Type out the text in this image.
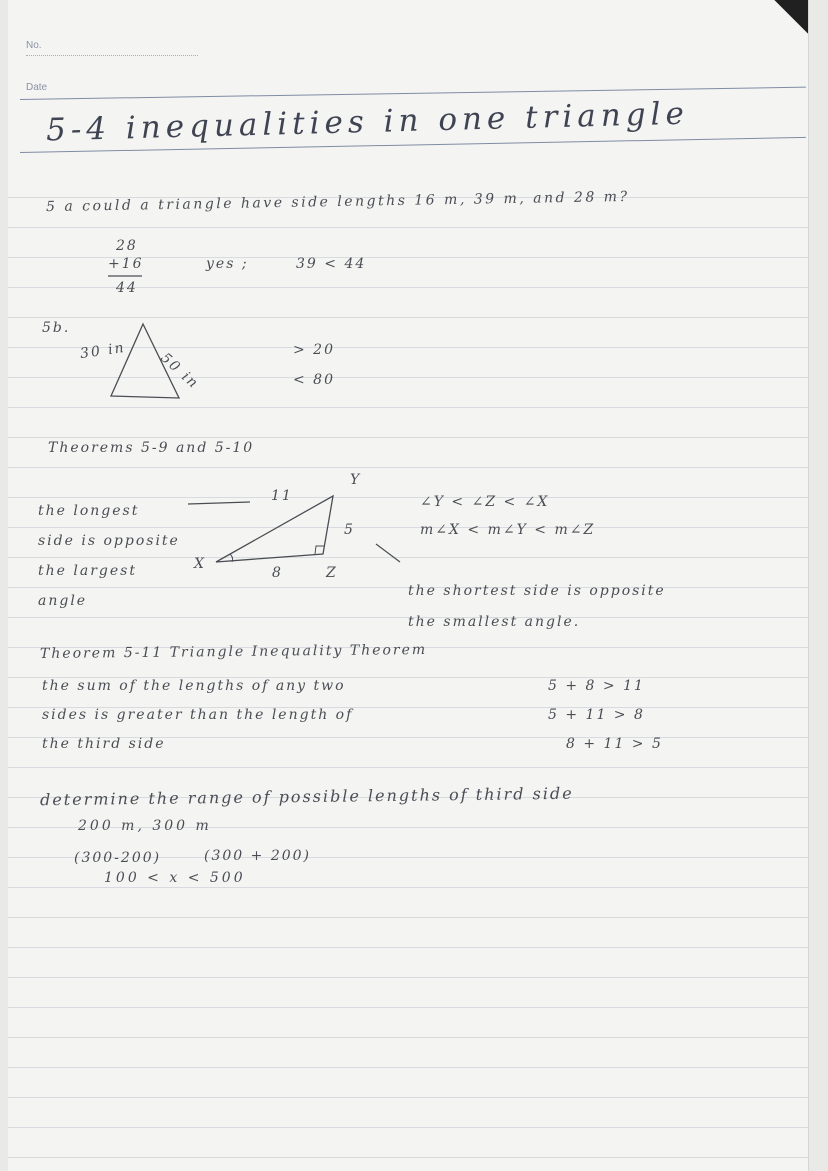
No.
Date
5-4 inequalities in one triangle
5 a could a triangle have side lengths 16 m, 39 m, and 28 m?
28
+16
44
yes ;	39 < 44
5b.
30 in 50 in	> 20
< 80
Theorems 5-9 and 5-10
the longest
side is opposite
the largest
angle
X
Y
Z
11
5
8
∠Y < ∠Z < ∠X
m∠X < m∠Y < m∠Z
the shortest side is opposite
the smallest angle.
Theorem 5-11 Triangle Inequality Theorem
the sum of the lengths of any two
sides is greater than the length of
the third side
5 + 8 > 11
5 + 11 > 8
8 + 11 > 5
determine the range of possible lengths of third side
200 m, 300 m
(300-200)	(300 + 200)
100 < x < 500
